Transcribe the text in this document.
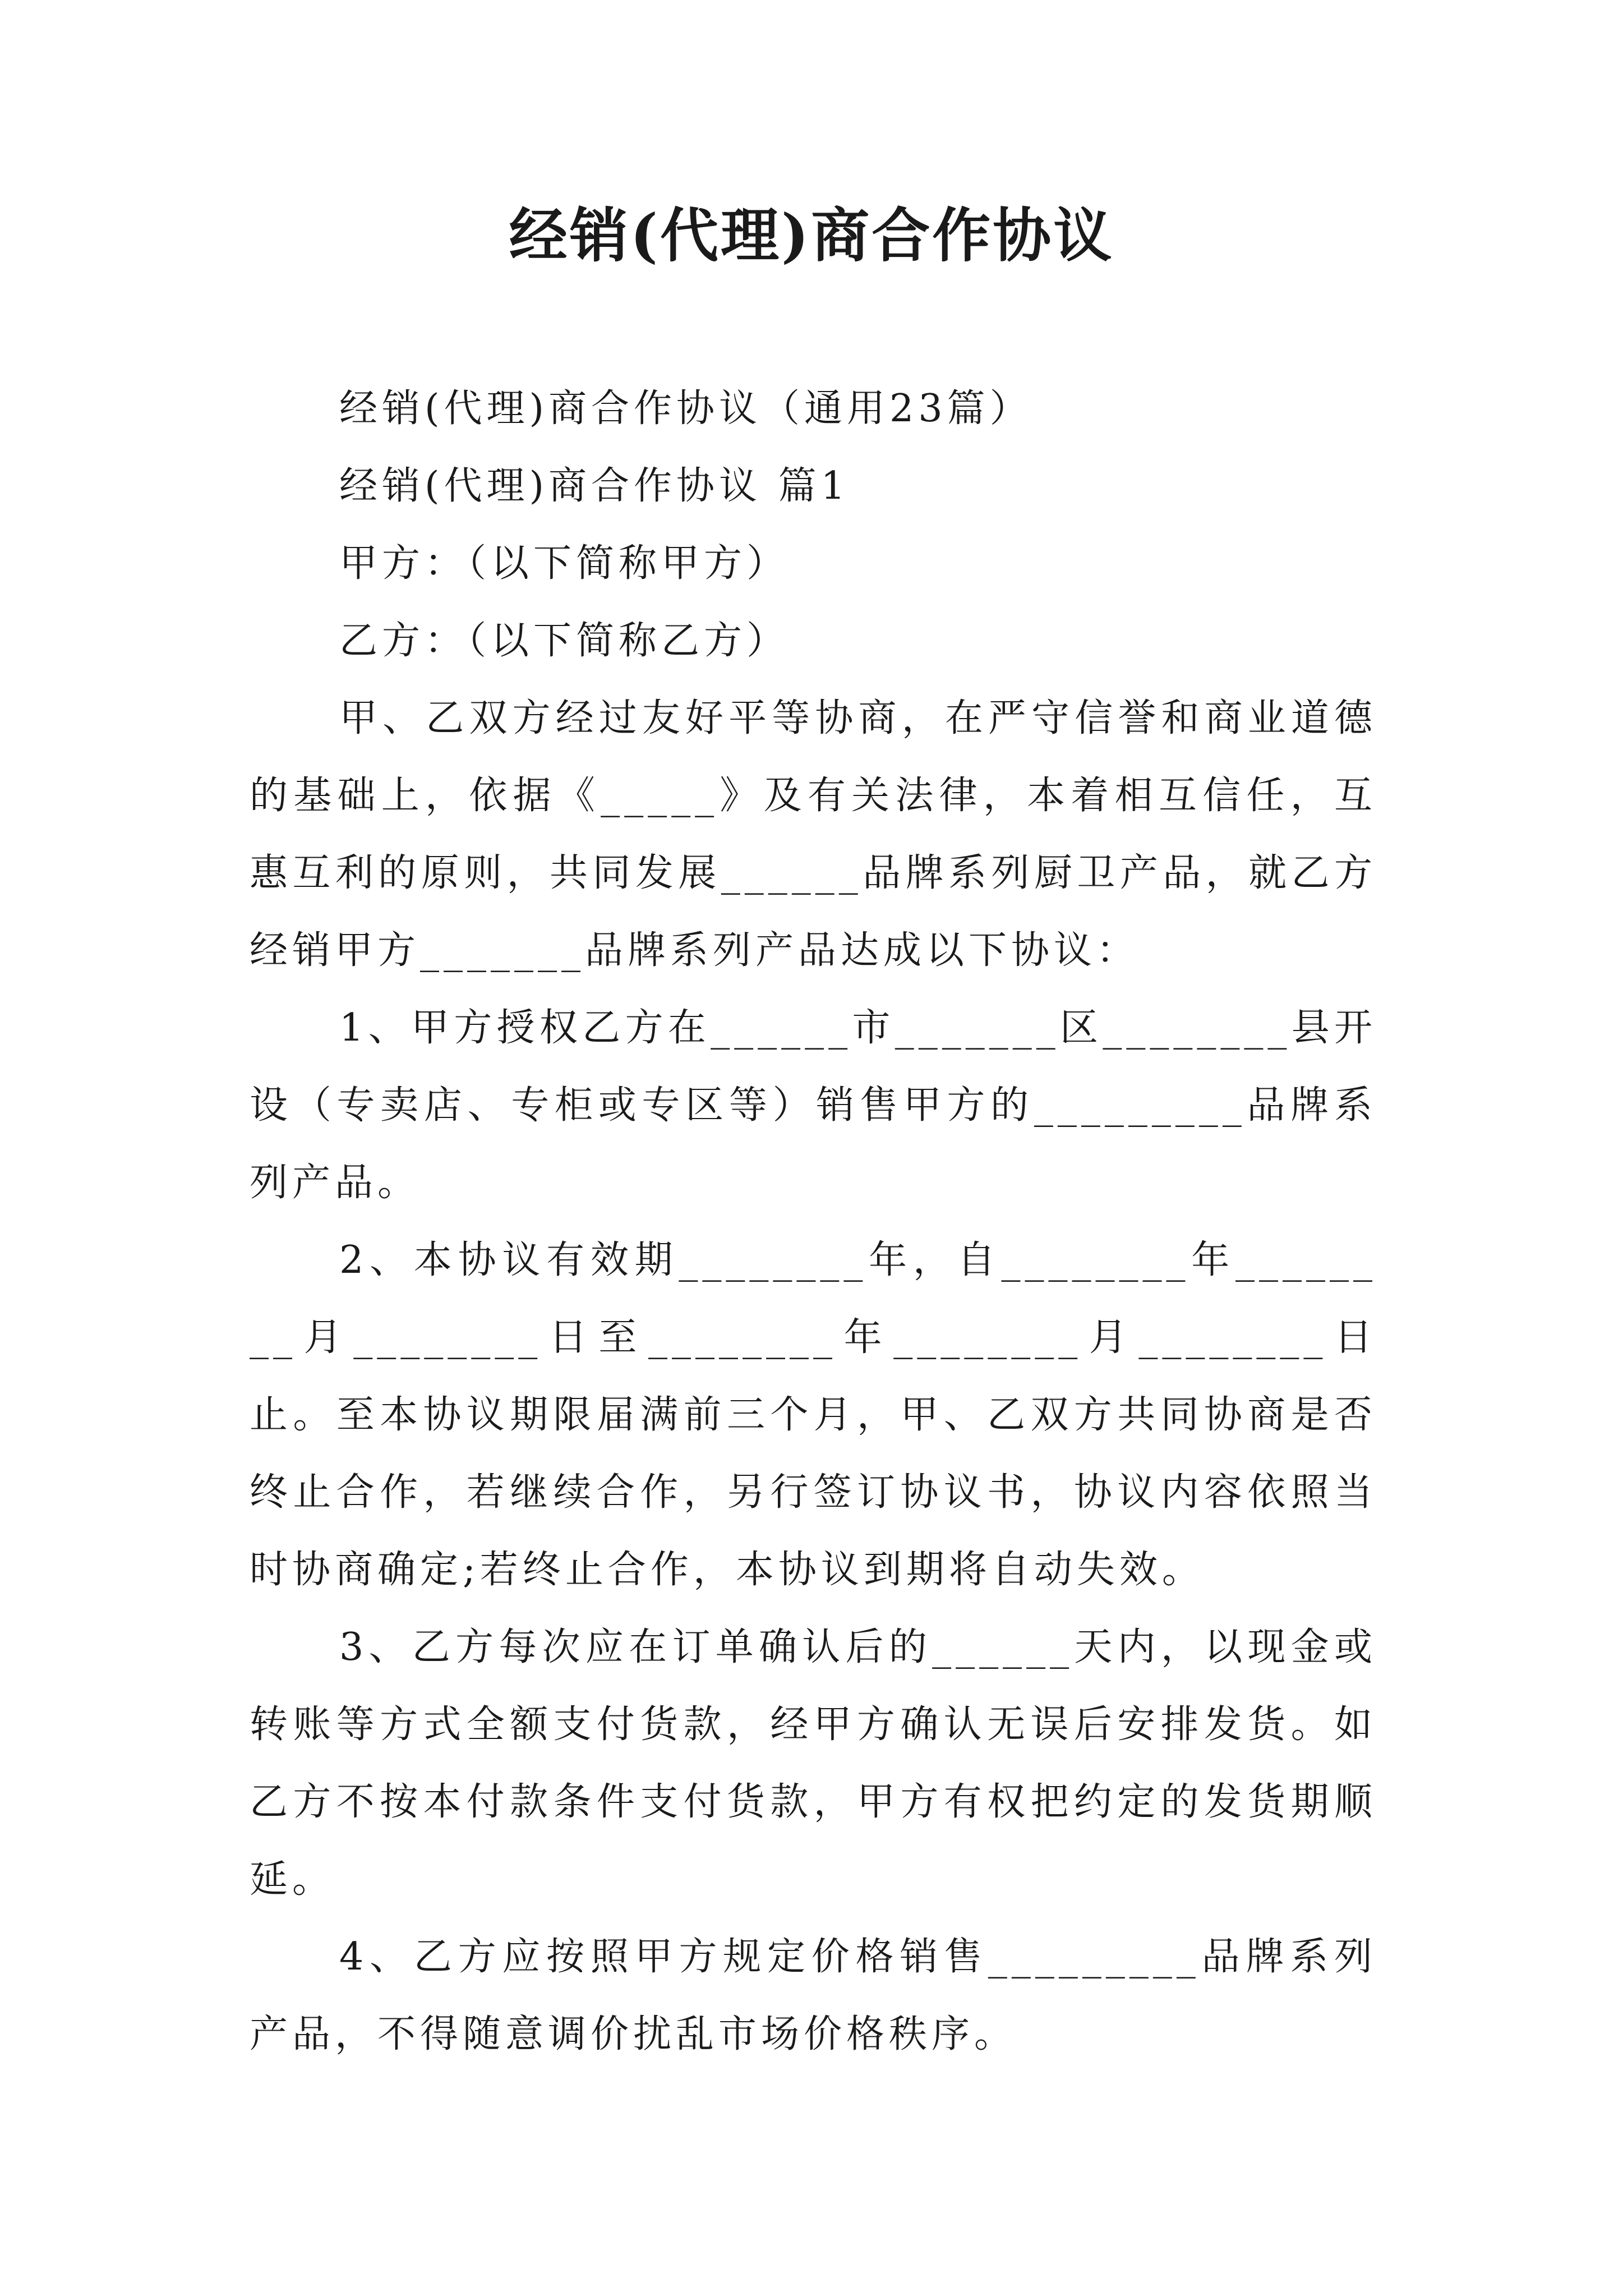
经销(代理)商合作协议

经销(代理)商合作协议（通用23篇）

经销(代理)商合作协议 篇1

甲方：（以下简称甲方）

乙方：（以下简称乙方）

甲、乙双方经过友好平等协商，在严守信誉和商业道德的基础上，依据《_____》及有关法律，本着相互信任，互惠互利的原则，共同发展______品牌系列厨卫产品，就乙方经销甲方_______品牌系列产品达成以下协议：

1、甲方授权乙方在______市_______区________县开设（专卖店、专柜或专区等）销售甲方的_________品牌系列产品。

2、本协议有效期________年，自________年________月________日至________年________月________日止。至本协议期限届满前三个月，甲、乙双方共同协商是否终止合作，若继续合作，另行签订协议书，协议内容依照当时协商确定;若终止合作，本协议到期将自动失效。

3、乙方每次应在订单确认后的______天内，以现金或转账等方式全额支付货款，经甲方确认无误后安排发货。如乙方不按本付款条件支付货款，甲方有权把约定的发货期顺延。

4、乙方应按照甲方规定价格销售_________品牌系列产品，不得随意调价扰乱市场价格秩序。
